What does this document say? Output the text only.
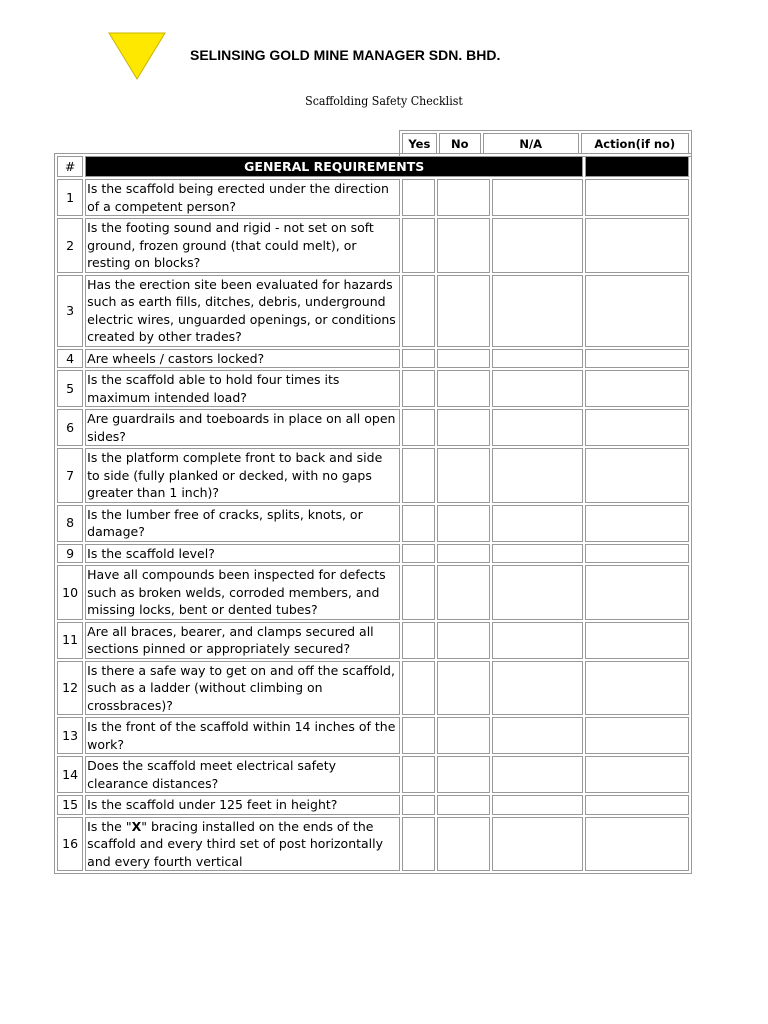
SELINSING GOLD MINE MANAGER SDN. BHD.
Scaffolding Safety Checklist
Yes	No	N/A	Action(if no)
#	GENERAL REQUIREMENTS				
1	Is the scaffold being erected under the direction of a competent person?				
2	Is the footing sound and rigid - not set on soft ground, frozen ground (that could melt), or resting on blocks?				
3	Has the erection site been evaluated for hazards such as earth fills, ditches, debris, underground electric wires, unguarded openings, or conditions created by other trades?				
4	Are wheels / castors locked?				
5	Is the scaffold able to hold four times its maximum intended load?				
6	Are guardrails and toeboards in place on all open sides?				
7	Is the platform complete front to back and side to side (fully planked or decked, with no gaps greater than 1 inch)?				
8	Is the lumber free of cracks, splits, knots, or damage?				
9	Is the scaffold level?				
10	Have all compounds been inspected for defects such as broken welds, corroded members, and missing locks, bent or dented tubes?				
11	Are all braces, bearer, and clamps secured all sections pinned or appropriately secured?				
12	Is there a safe way to get on and off the scaffold, such as a ladder (without climbing on crossbraces)?				
13	Is the front of the scaffold within 14 inches of the work?				
14	Does the scaffold meet electrical safety clearance distances?				
15	Is the scaffold under 125 feet in height?				
16	Is the "X" bracing installed on the ends of the scaffold and every third set of post horizontally and every fourth vertical				
